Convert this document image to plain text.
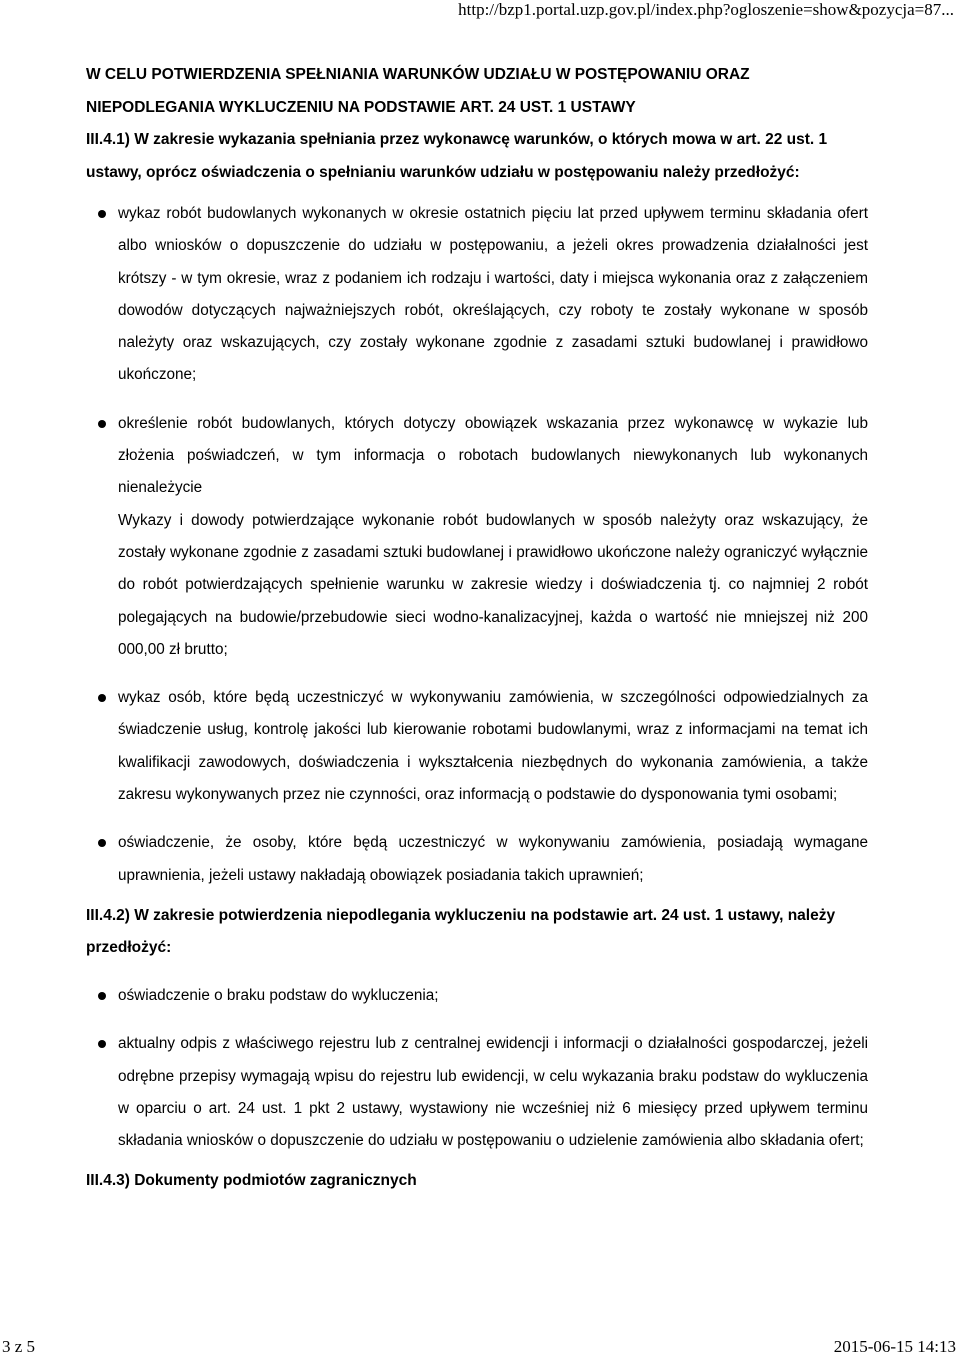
http://bzp1.portal.uzp.gov.pl/index.php?ogloszenie=show&pozycja=87...

W CELU POTWIERDZENIA SPEŁNIANIA WARUNKÓW UDZIAŁU W POSTĘPOWANIU ORAZ NIEPODLEGANIA WYKLUCZENIU NA PODSTAWIE ART. 24 UST. 1 USTAWY

III.4.1) W zakresie wykazania spełniania przez wykonawcę warunków, o których mowa w art. 22 ust. 1 ustawy, oprócz oświadczenia o spełnianiu warunków udziału w postępowaniu należy przedłożyć:

wykaz robót budowlanych wykonanych w okresie ostatnich pięciu lat przed upływem terminu składania ofert albo wniosków o dopuszczenie do udziału w postępowaniu, a jeżeli okres prowadzenia działalności jest krótszy - w tym okresie, wraz z podaniem ich rodzaju i wartości, daty i miejsca wykonania oraz z załączeniem dowodów dotyczących najważniejszych robót, określających, czy roboty te zostały wykonane w sposób należyty oraz wskazujących, czy zostały wykonane zgodnie z zasadami sztuki budowlanej i prawidłowo ukończone;
określenie robót budowlanych, których dotyczy obowiązek wskazania przez wykonawcę w wykazie lub złożenia poświadczeń, w tym informacja o robotach budowlanych niewykonanych lub wykonanych nienależycie
Wykazy i dowody potwierdzające wykonanie robót budowlanych w sposób należyty oraz wskazujący, że zostały wykonane zgodnie z zasadami sztuki budowlanej i prawidłowo ukończone należy ograniczyć wyłącznie do robót potwierdzających spełnienie warunku w zakresie wiedzy i doświadczenia tj. co najmniej 2 robót polegających na budowie/przebudowie sieci wodno-kanalizacyjnej, każda o wartość nie mniejszej niż 200 000,00 zł brutto;
wykaz osób, które będą uczestniczyć w wykonywaniu zamówienia, w szczególności odpowiedzialnych za świadczenie usług, kontrolę jakości lub kierowanie robotami budowlanymi, wraz z informacjami na temat ich kwalifikacji zawodowych, doświadczenia i wykształcenia niezbędnych do wykonania zamówienia, a także zakresu wykonywanych przez nie czynności, oraz informacją o podstawie do dysponowania tymi osobami;
oświadczenie, że osoby, które będą uczestniczyć w wykonywaniu zamówienia, posiadają wymagane uprawnienia, jeżeli ustawy nakładają obowiązek posiadania takich uprawnień;

III.4.2) W zakresie potwierdzenia niepodlegania wykluczeniu na podstawie art. 24 ust. 1 ustawy, należy przedłożyć:

oświadczenie o braku podstaw do wykluczenia;
aktualny odpis z właściwego rejestru lub z centralnej ewidencji i informacji o działalności gospodarczej, jeżeli odrębne przepisy wymagają wpisu do rejestru lub ewidencji, w celu wykazania braku podstaw do wykluczenia w oparciu o art. 24 ust. 1 pkt 2 ustawy, wystawiony nie wcześniej niż 6 miesięcy przed upływem terminu składania wniosków o dopuszczenie do udziału w postępowaniu o udzielenie zamówienia albo składania ofert;

III.4.3) Dokumenty podmiotów zagranicznych

3 z 5	2015-06-15 14:13
